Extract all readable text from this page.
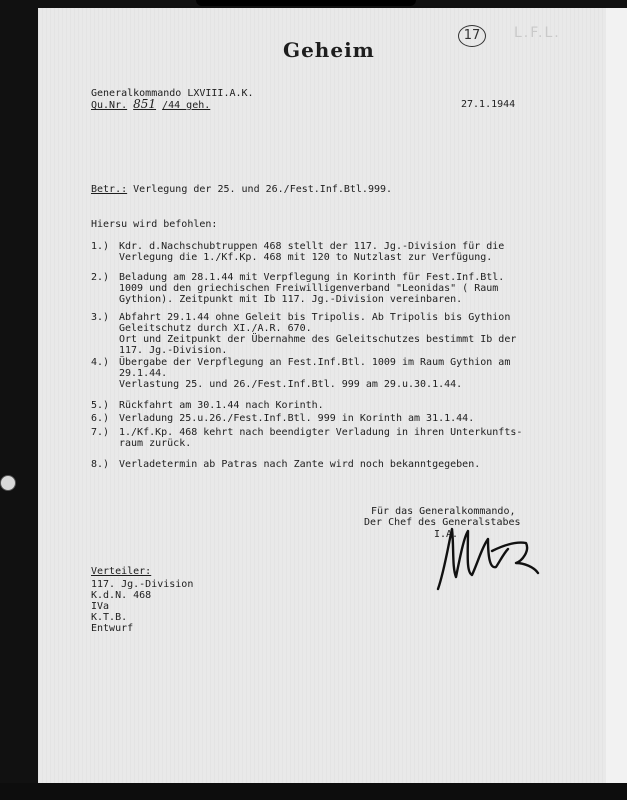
Geheim
17	L.F.L.
Generalkommando LXVIII.A.K.
Qu.Nr. 851 /44 geh.	27.1.1944
Betr.: Verlegung der 25. und 26./Fest.Inf.Btl.999.
Hiersu wird befohlen:
1.) Kdr. d.Nachschubtruppen 468 stellt der 117. Jg.-Division für die
Verlegung die 1./Kf.Kp. 468 mit 120 to Nutzlast zur Verfügung.
2.) Beladung am 28.1.44 mit Verpflegung in Korinth für Fest.Inf.Btl.
1009 und den griechischen Freiwilligenverband "Leonidas" ( Raum
Gythion). Zeitpunkt mit Ib 117. Jg.-Division vereinbaren.
3.) Abfahrt 29.1.44 ohne Geleit bis Tripolis. Ab Tripolis bis Gythion
Geleitschutz durch XI./A.R. 670.
Ort und Zeitpunkt der Übernahme des Geleitschutzes bestimmt Ib der
117. Jg.-Division.
4.) Übergabe der Verpflegung an Fest.Inf.Btl. 1009 im Raum Gythion am
29.1.44.
Verlastung 25. und 26./Fest.Inf.Btl. 999 am 29.u.30.1.44.
5.) Rückfahrt am 30.1.44 nach Korinth.
6.) Verladung 25.u.26./Fest.Inf.Btl. 999 in Korinth am 31.1.44.
7.) 1./Kf.Kp. 468 kehrt nach beendigter Verladung in ihren Unterkunfts-
raum zurück.
8.) Verladetermin ab Patras nach Zante wird noch bekanntgegeben.
Für das Generalkommando,
Der Chef des Generalstabes
I.A.
Verteiler:
117. Jg.-Division
K.d.N. 468
IVa
K.T.B.
Entwurf
